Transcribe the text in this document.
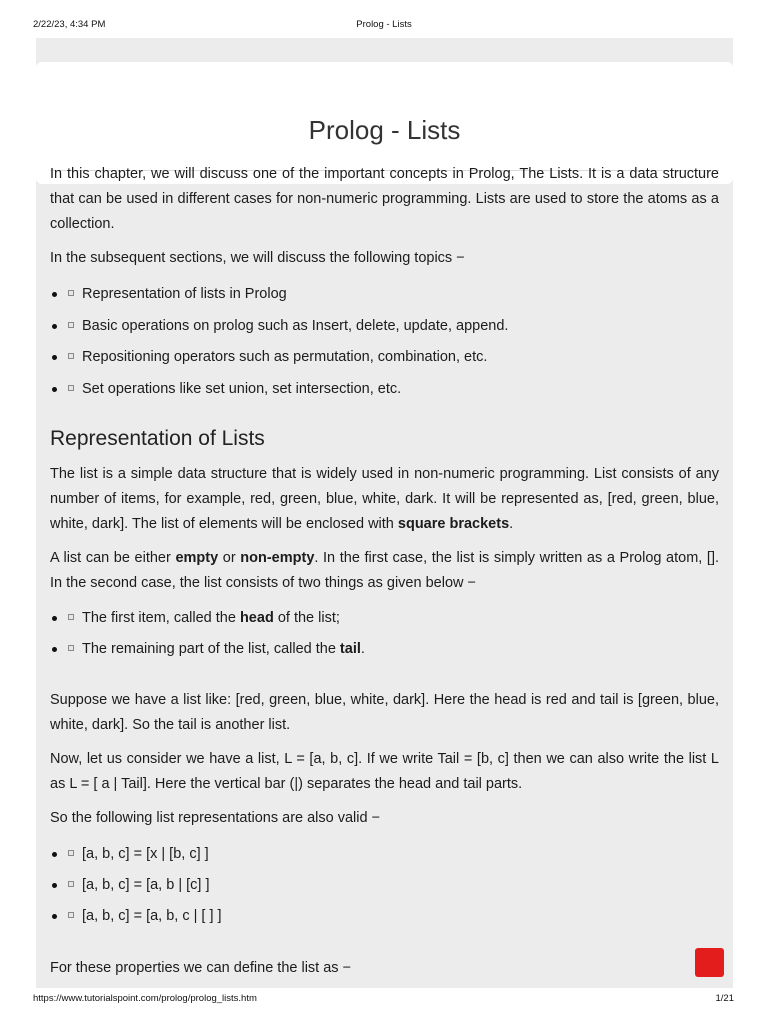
2/22/23, 4:34 PM	Prolog - Lists
Prolog - Lists

In this chapter, we will discuss one of the important concepts in Prolog, The Lists. It is a data structure that can be used in different cases for non-numeric programming. Lists are used to store the atoms as a collection.

In the subsequent sections, we will discuss the following topics −

Representation of lists in Prolog
Basic operations on prolog such as Insert, delete, update, append.
Repositioning operators such as permutation, combination, etc.
Set operations like set union, set intersection, etc.
Representation of Lists

The list is a simple data structure that is widely used in non-numeric programming. List consists of any number of items, for example, red, green, blue, white, dark. It will be represented as, [red, green, blue, white, dark]. The list of elements will be enclosed with square brackets.

A list can be either empty or non-empty. In the first case, the list is simply written as a Prolog atom, []. In the second case, the list consists of two things as given below −

The first item, called the head of the list;
The remaining part of the list, called the tail.

Suppose we have a list like: [red, green, blue, white, dark]. Here the head is red and tail is [green, blue, white, dark]. So the tail is another list.

Now, let us consider we have a list, L = [a, b, c]. If we write Tail = [b, c] then we can also write the list L as L = [ a | Tail]. Here the vertical bar (|) separates the head and tail parts.

So the following list representations are also valid −

[a, b, c] = [x | [b, c] ]
[a, b, c] = [a, b | [c] ]
[a, b, c] = [a, b, c | [ ] ]

For these properties we can define the list as −

https://www.tutorialspoint.com/prolog/prolog_lists.htm	1/21
